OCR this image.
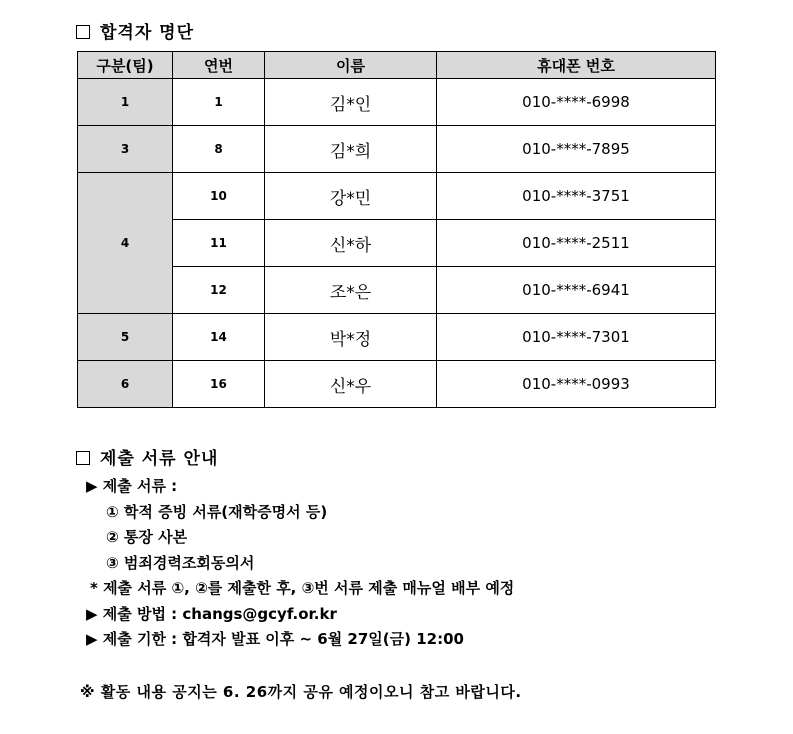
합격자 명단
구분(팀)	연번	이름	휴대폰 번호
1	1	김*인	010-****-6998
3	8	김*희	010-****-7895
4	10	강*민	010-****-3751
	11	신*하	010-****-2511
	12	조*은	010-****-6941
5	14	박*정	010-****-7301
6	16	신*우	010-****-0993
제출 서류 안내
▶ 제출 서류 :
① 학적 증빙 서류(재학증명서 등)
② 통장 사본
③ 범죄경력조회동의서
* 제출 서류 ①, ②를 제출한 후, ③번 서류 제출 매뉴얼 배부 예정
▶ 제출 방법 : changs@gcyf.or.kr
▶ 제출 기한 : 합격자 발표 이후 ~ 6월 27일(금) 12:00
※ 활동 내용 공지는 6. 26까지 공유 예정이오니 참고 바랍니다.
